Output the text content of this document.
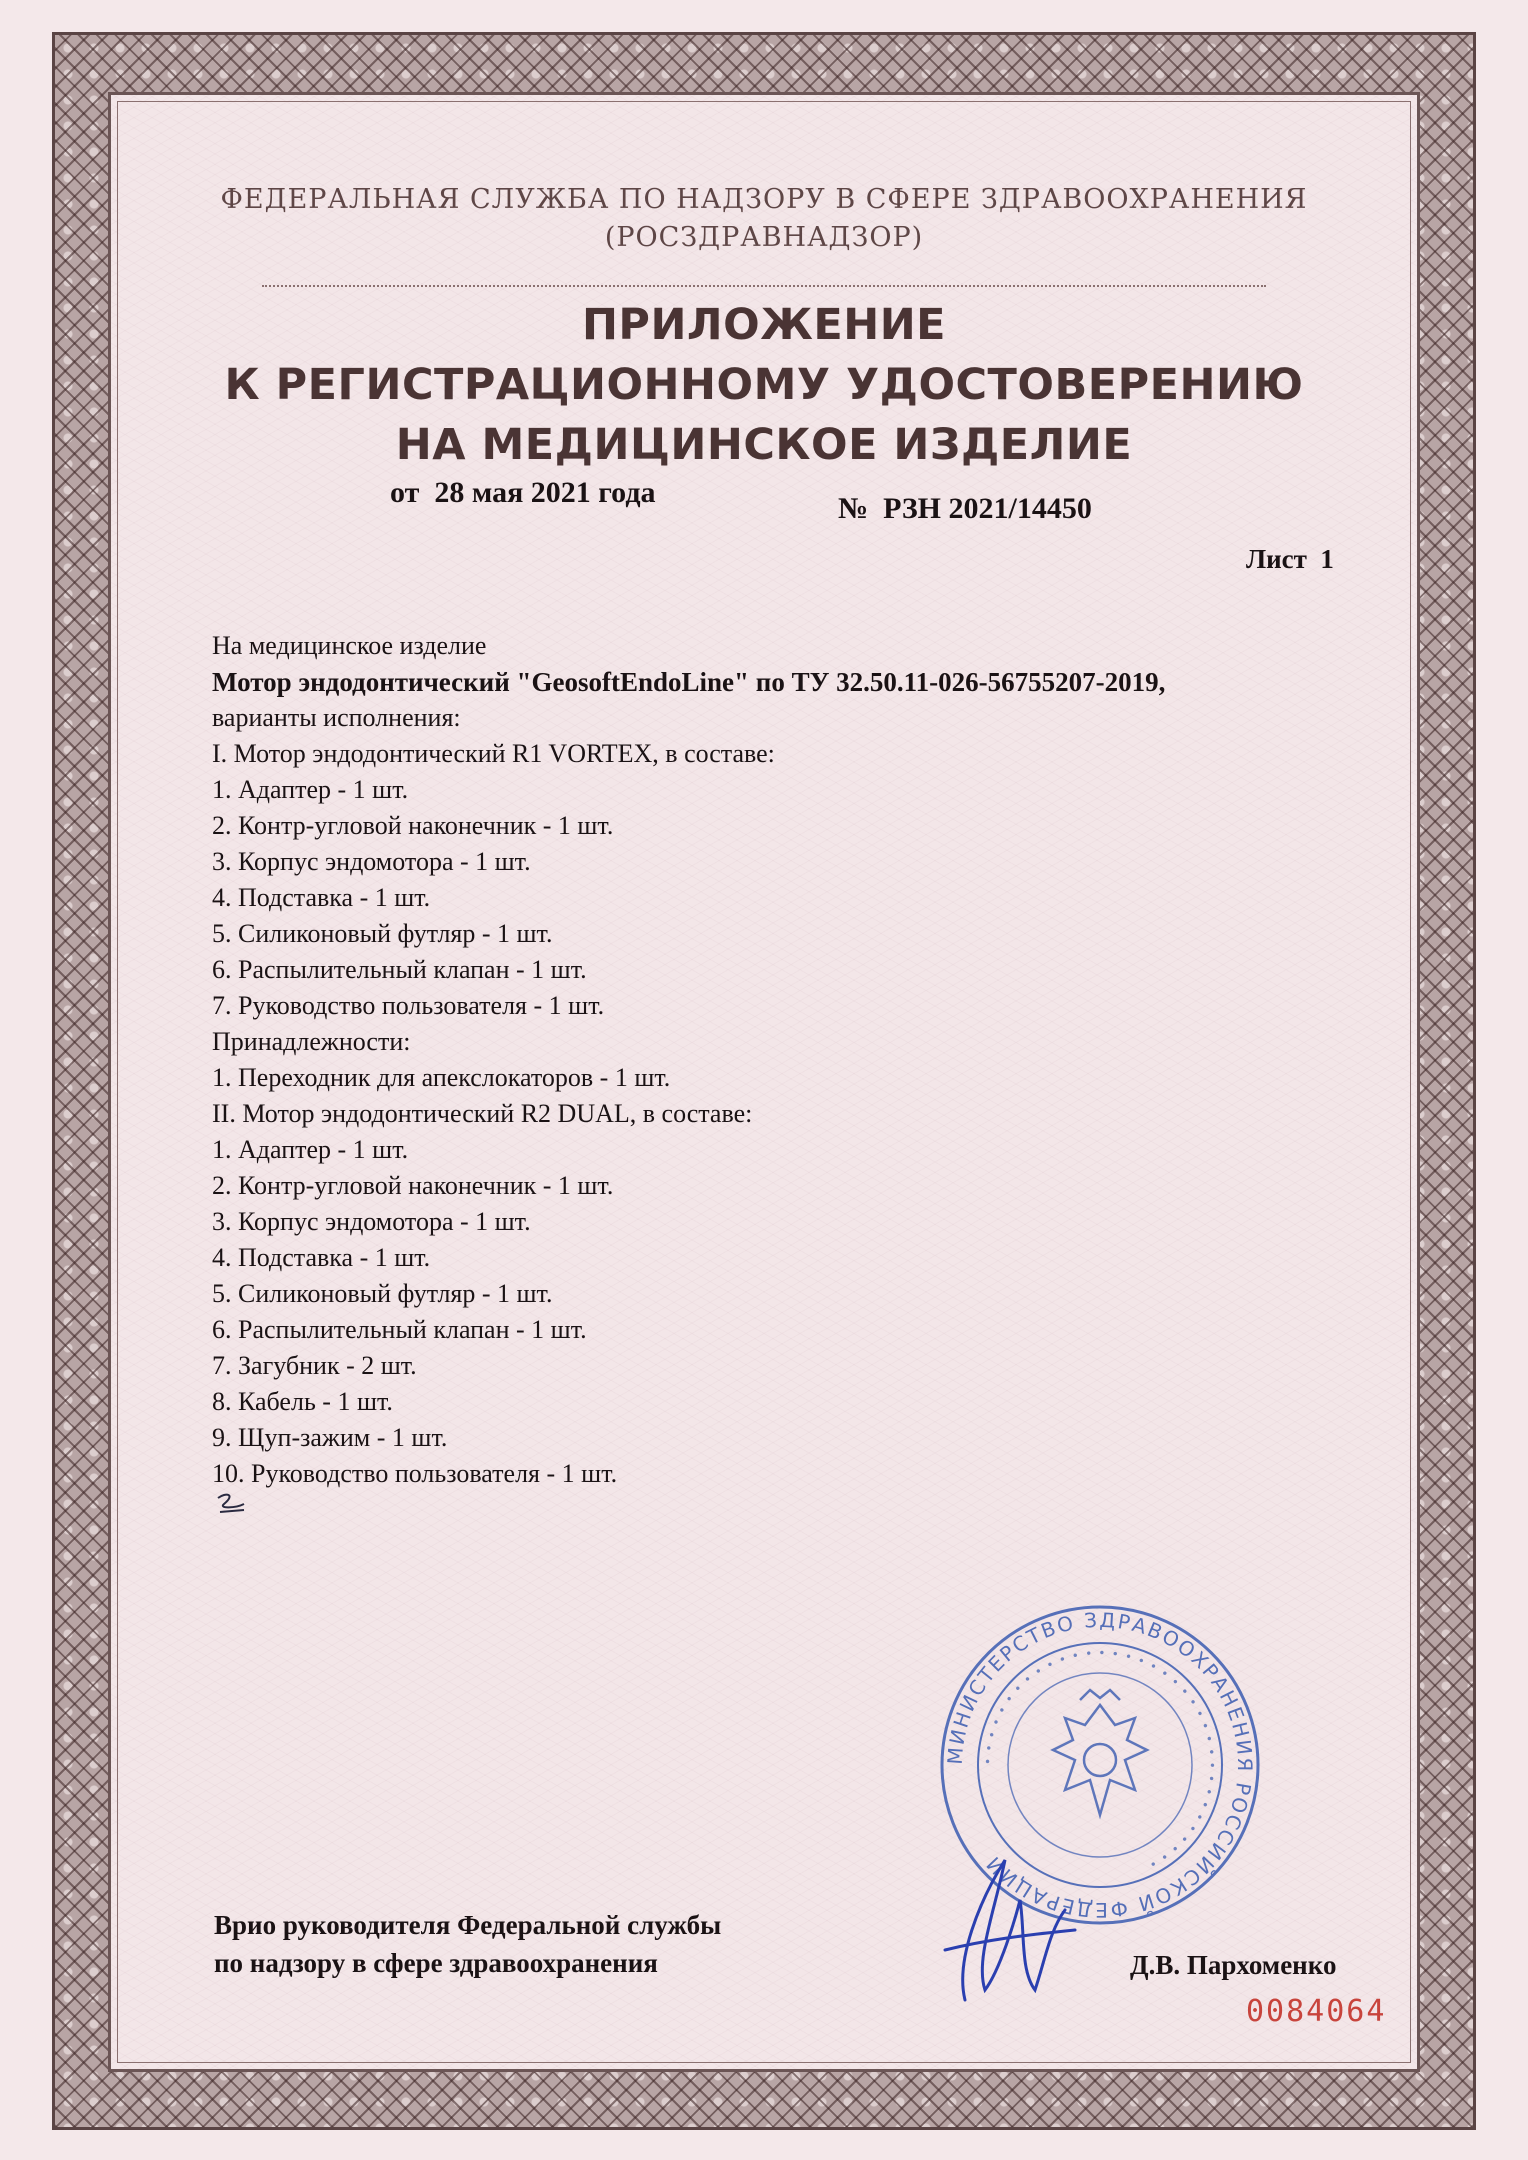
ФЕДЕРАЛЬНАЯ СЛУЖБА ПО НАДЗОРУ В СФЕРЕ ЗДРАВООХРАНЕНИЯ
(РОСЗДРАВНАДЗОР)
ПРИЛОЖЕНИЕ
К РЕГИСТРАЦИОННОМУ УДОСТОВЕРЕНИЮ
НА МЕДИЦИНСКОЕ ИЗДЕЛИЕ
от  28 мая 2021 года	№  РЗН 2021/14450
Лист  1
На медицинское изделие
Мотор эндодонтический "GeosoftEndoLine" по ТУ 32.50.11-026-56755207-2019,
варианты исполнения:
I. Мотор эндодонтический R1 VORTEX, в составе:
1. Адаптер - 1 шт.
2. Контр-угловой наконечник - 1 шт.
3. Корпус эндомотора - 1 шт.
4. Подставка - 1 шт.
5. Силиконовый футляр - 1 шт.
6. Распылительный клапан - 1 шт.
7. Руководство пользователя - 1 шт.
Принадлежности:
1. Переходник для апекслокаторов - 1 шт.
II. Мотор эндодонтический R2 DUAL, в составе:
1. Адаптер - 1 шт.
2. Контр-угловой наконечник - 1 шт.
3. Корпус эндомотора - 1 шт.
4. Подставка - 1 шт.
5. Силиконовый футляр - 1 шт.
6. Распылительный клапан - 1 шт.
7. Загубник - 2 шт.
8. Кабель - 1 шт.
9. Щуп-зажим - 1 шт.
10. Руководство пользователя - 1 шт.
МИНИСТЕРСТВО ЗДРАВООХРАНЕНИЯ РОССИЙСКОЙ ФЕДЕРАЦИИ
• • • • • • • • • • • • • • • • • • • • • • • • • • • • • • • • • • • •
Врио руководителя Федеральной службы
по надзору в сфере здравоохранения	Д.В. Пархоменко
0084064
